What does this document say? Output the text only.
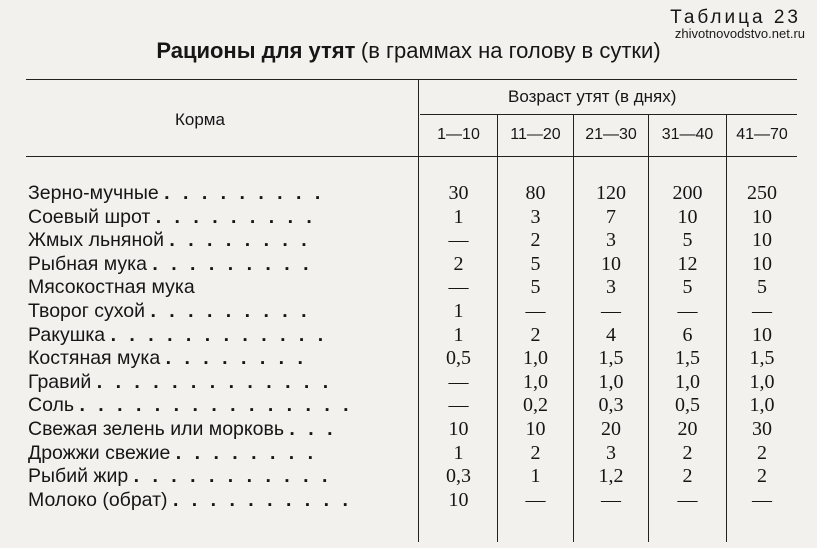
zhivotnovodstvo.net.ru
Таблица 23
Рационы для утят (в граммах на голову в сутки)
Корма
Возраст утят (в днях)
1—10	11—20	21—30	31—40	41—70
Зерно-мучные . . . . . . . . .	30	80	120	200	250
Соевый шрот . . . . . . . . .	1	3	7	10	10
Жмых льняной . . . . . . . .	—	2	3	5	10
Рыбная мука . . . . . . . . .	2	5	10	12	10
Мясокостная мука	—	5	3	5	5
Творог сухой . . . . . . . . .	1	—	—	—	—
Ракушка . . . . . . . . . . . .	1	2	4	6	10
Костяная мука . . . . . . . .	0,5	1,0	1,5	1,5	1,5
Гравий . . . . . . . . . . . . .	—	1,0	1,0	1,0	1,0
Соль . . . . . . . . . . . . . . .	—	0,2	0,3	0,5	1,0
Свежая зелень или морковь . . .	10	10	20	20	30
Дрожжи свежие . . . . . . . .	1	2	3	2	2
Рыбий жир . . . . . . . . . . .	0,3	1	1,2	2	2
Молоко (обрат) . . . . . . . . . .	10	—	—	—	—
